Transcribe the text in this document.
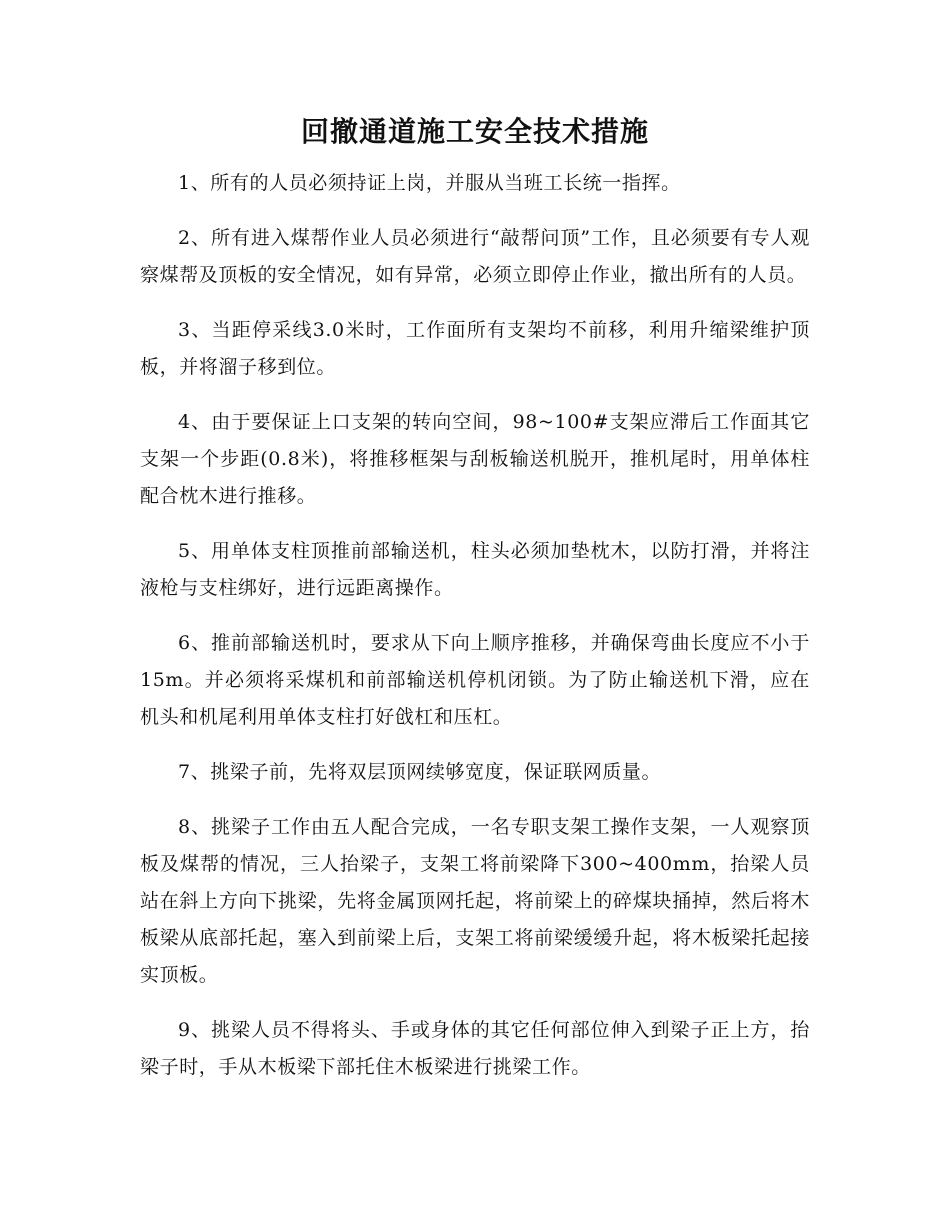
回撤通道施工安全技术措施

1、所有的人员必须持证上岗，并服从当班工长统一指挥。

2、所有进入煤帮作业人员必须进行“敲帮问顶”工作，且必须要有专人观察煤帮及顶板的安全情况，如有异常，必须立即停止作业，撤出所有的人员。

3、当距停采线3.0米时，工作面所有支架均不前移，利用升缩梁维护顶板，并将溜子移到位。

4、由于要保证上口支架的转向空间，98~100#支架应滞后工作面其它支架一个步距(0.8米)，将推移框架与刮板输送机脱开，推机尾时，用单体柱配合枕木进行推移。

5、用单体支柱顶推前部输送机，柱头必须加垫枕木，以防打滑，并将注液枪与支柱绑好，进行远距离操作。

6、推前部输送机时，要求从下向上顺序推移，并确保弯曲长度应不小于15m。并必须将采煤机和前部输送机停机闭锁。为了防止输送机下滑，应在机头和机尾利用单体支柱打好戗杠和压杠。

7、挑梁子前，先将双层顶网续够宽度，保证联网质量。

8、挑梁子工作由五人配合完成，一名专职支架工操作支架，一人观察顶板及煤帮的情况，三人抬梁子，支架工将前梁降下300~400mm，抬梁人员站在斜上方向下挑梁，先将金属顶网托起，将前梁上的碎煤块捅掉，然后将木板梁从底部托起，塞入到前梁上后，支架工将前梁缓缓升起，将木板梁托起接实顶板。

9、挑梁人员不得将头、手或身体的其它任何部位伸入到梁子正上方，抬梁子时，手从木板梁下部托住木板梁进行挑梁工作。
